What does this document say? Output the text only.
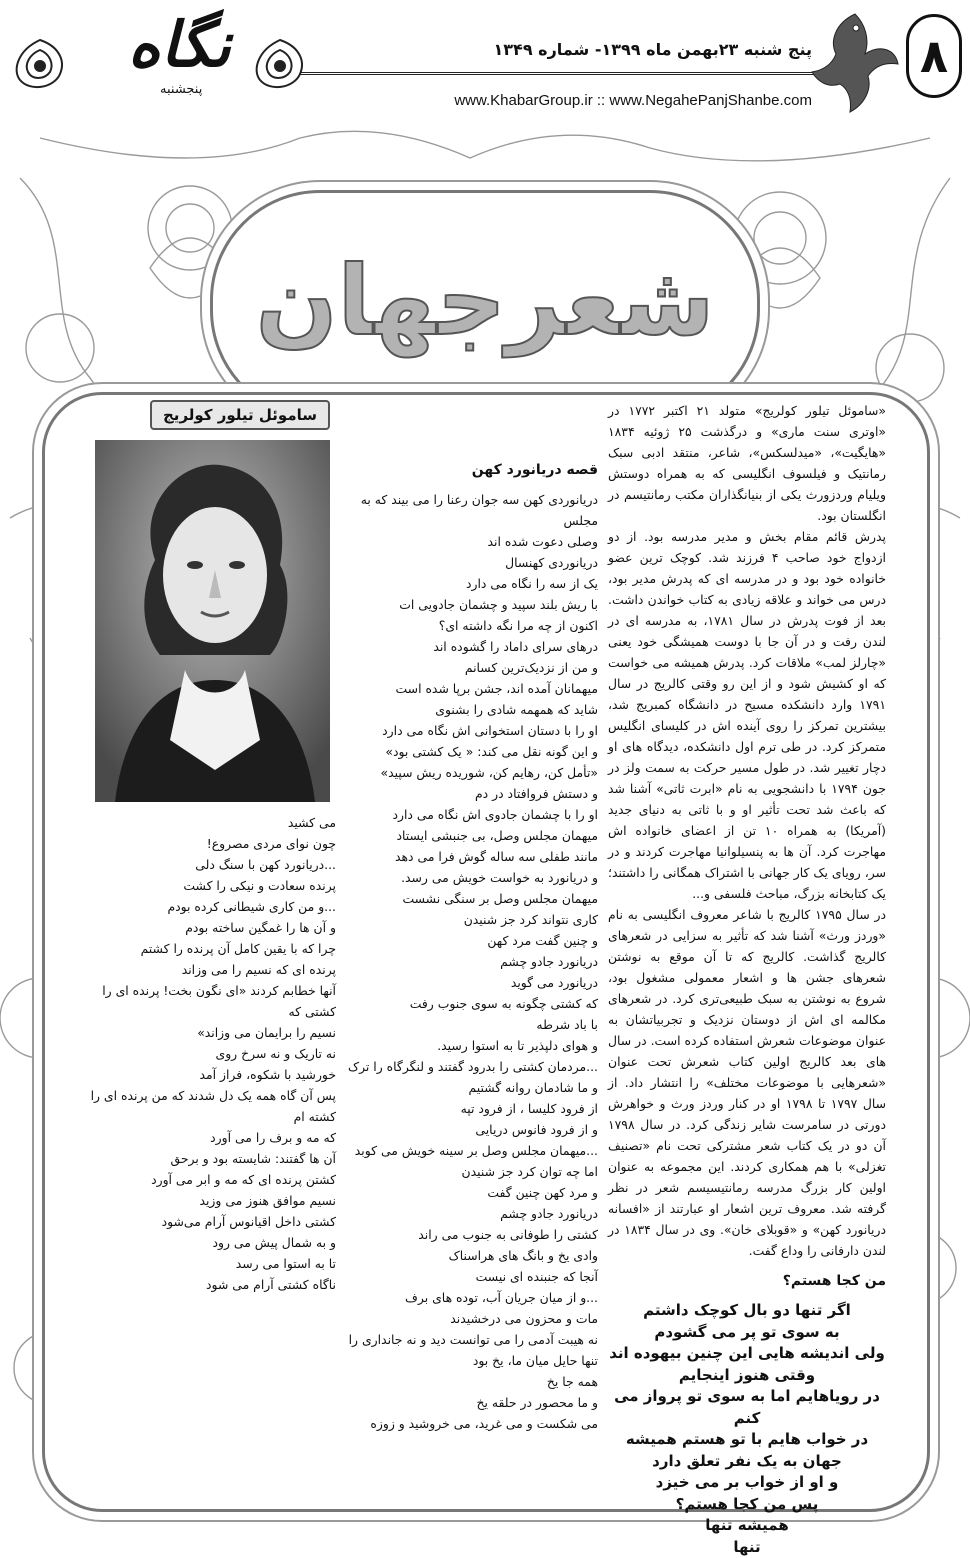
نگاه
پنجشنبه
پنج شنبه ۲۳بهمن ماه ۱۳۹۹- شماره ۱۳۴۹
www.KhabarGroup.ir :: www.NegahePanjShanbe.com
۸
شعرجهان
ساموئل تیلور کولریج	«ساموئل تیلور کولریج» متولد ۲۱ اکتبر ۱۷۷۲ در «اوتری سنت ماری» و درگذشت ۲۵ ژوئیه ۱۸۳۴ «هایگیت»، «میدلسکس»، شاعر، منتقد ادبی سبک رمانتیک و فیلسوف انگلیسی که به همراه دوستش ویلیام وردزورث یکی از بنیانگذاران مکتب رمانتیسم در انگلستان بود.

پدرش قائم مقام بخش و مدیر مدرسه بود. از دو ازدواج خود صاحب ۴ فرزند شد. کوچک ترین عضو خانواده خود بود و در مدرسه ای که پدرش مدیر بود، درس می خواند و علاقه زیادی به کتاب خواندن داشت. بعد از فوت پدرش در سال ۱۷۸۱، به مدرسه ای در لندن رفت و در آن جا با دوست همیشگی خود یعنی «چارلز لمب» ملاقات کرد. پدرش همیشه می خواست که او کشیش شود و از این رو وقتی کالریج در سال ۱۷۹۱ وارد دانشکده مسیح در دانشگاه کمبریج شد، بیشترین تمرکز را روی آینده اش در کلیسای انگلیس متمرکز کرد. در طی ترم اول دانشکده، دیدگاه های او دچار تغییر شد. در طول مسیر حرکت به سمت ولز در جون ۱۷۹۴ با دانشجویی به نام «ابرت ثاتی» آشنا شد که باعث شد تحت تأثیر او و با ثاتی به دنیای جدید (آمریکا) به همراه ۱۰ تن از اعضای خانواده اش مهاجرت کرد. آن ها به پنسیلوانیا مهاجرت کردند و در سر، رویای یک کار جهانی با اشتراک همگانی را داشتند؛ یک کتابخانه بزرگ، مباحث فلسفی و...

در سال ۱۷۹۵ کالریج با شاعر معروف انگلیسی به نام «وردز ورث» آشنا شد که تأثیر به سزایی در شعرهای کالریج گذاشت. کالریج که تا آن موقع به نوشتن شعرهای جشن ها و اشعار معمولی مشغول بود، شروع به نوشتن به سبک طبیعی‌تری کرد. در شعرهای مکالمه ای اش از دوستان نزدیک و تجربیاتشان به عنوان موضوعات شعرش استفاده کرده است. در سال های بعد کالریج اولین کتاب شعرش تحت عنوان «شعرهایی با موضوعات مختلف» را انتشار داد. از سال ۱۷۹۷ تا ۱۷۹۸ او در کنار وردز ورث و خواهرش دورتی در سامرست شایر زندگی کرد. در سال ۱۷۹۸ آن دو در یک کتاب شعر مشترکی تحت نام «تصنیف تغزلی» با هم همکاری کردند. این مجموعه به عنوان اولین کار بزرگ مدرسه رمانتیسیسم شعر در نظر گرفته شد. معروف ترین اشعار او عبارتند از «افسانه دریانورد کهن» و «قوبلای خان». وی در سال ۱۸۳۴ در لندن دارفانی را وداع گفت.

من کجا هستم؟
اگر تنها دو بال کوچک داشتم
به سوی تو پر می گشودم
ولی اندیشه هایی این چنین بیهوده اند
وقتی هنوز اینجایم
در رویاهایم اما به سوی تو پرواز می کنم
در خواب هایم با تو هستم همیشه
جهان به یک نفر تعلق دارد
و او از خواب بر می خیزد
پس من کجا هستم؟
همیشه تنها
تنها
قصه دریانورد کهن
دریانوردی کهن سه جوان رعنا را می بیند که به مجلس
وصلی دعوت شده اند
دریانوردی کهنسال
یک از سه را نگاه می دارد
با ریش بلند سپید و چشمان جادویی ات
اکنون از چه مرا نگه داشته ای؟
درهای سرای داماد را گشوده اند
و من از نزدیک‌ترین کسانم
میهمانان آمده اند، جشن برپا شده است
شاید که همهمه شادی را بشنوی
او را با دستان استخوانی اش نگاه می دارد
و این گونه نقل می کند: « یک کشتی بود»
«تأمل کن، رهایم کن، شوریده ریش سپید»
و دستش فروافتاد در دم
او را با چشمان جادوی اش نگاه می دارد
میهمان مجلس وصل، بی جنبشی ایستاد
مانند طفلی سه ساله گوش فرا می دهد
و دریانورد به خواست خویش می رسد.
میهمان مجلس وصل بر سنگی نشست
کاری نتواند کرد جز شنیدن
و چنین گفت مرد کهن
دریانورد جادو چشم
دریانورد می گوید
که کشتی چگونه به سوی جنوب رفت
با باد شرطه
و هوای دلپذیر تا به استوا رسید.
...مردمان کشتی را بدرود گفتند و لنگرگاه را ترک
و ما شادمان روانه گشتیم
از فرود کلیسا ، از فرود تپه
و از فرود فانوس دریایی
...میهمان مجلس وصل بر سینه خویش می کوبد
اما چه توان کرد جز شنیدن
و مرد کهن چنین گفت
دریانورد جادو چشم
کشتی را طوفانی به جنوب می راند
وادی یخ و بانگ های هراسناک
آنجا که جنبنده ای نیست
...و از میان جریان آب، توده های برف
مات و محزون می درخشیدند
نه هیبت آدمی را می توانست دید و نه جانداری را
تنها حایل میان ما، یخ بود
همه جا یخ
و ما محصور در حلقه یخ
می شکست و می غرید، می خروشید و زوزه
می کشید
چون نوای مردی مصروع!
...دریانورد کهن با سنگ دلی
پرنده سعادت و نیکی را کشت
...و من کاری شیطانی کرده بودم
و آن ها را غمگین ساخته بودم
چرا که با یقین کامل آن پرنده را کشتم
پرنده ای که نسیم را می وزاند
آنها خطابم کردند «ای نگون بخت! پرنده ای را کشتی که
نسیم را برایمان می وزاند»
نه تاریک و نه سرخ روی
خورشید با شکوه، فراز آمد
پس آن گاه همه یک دل شدند که من پرنده ای را کشته ام
که مه و برف را می آورد
آن ها گفتند: شایسته بود و برحق
کشتن پرنده ای که مه و ابر می آورد
نسیم موافق هنوز می وزید
کشتی داخل اقیانوس آرام می‌شود
و به شمال پیش می رود
تا به استوا می رسد
ناگاه کشتی آرام می شود
